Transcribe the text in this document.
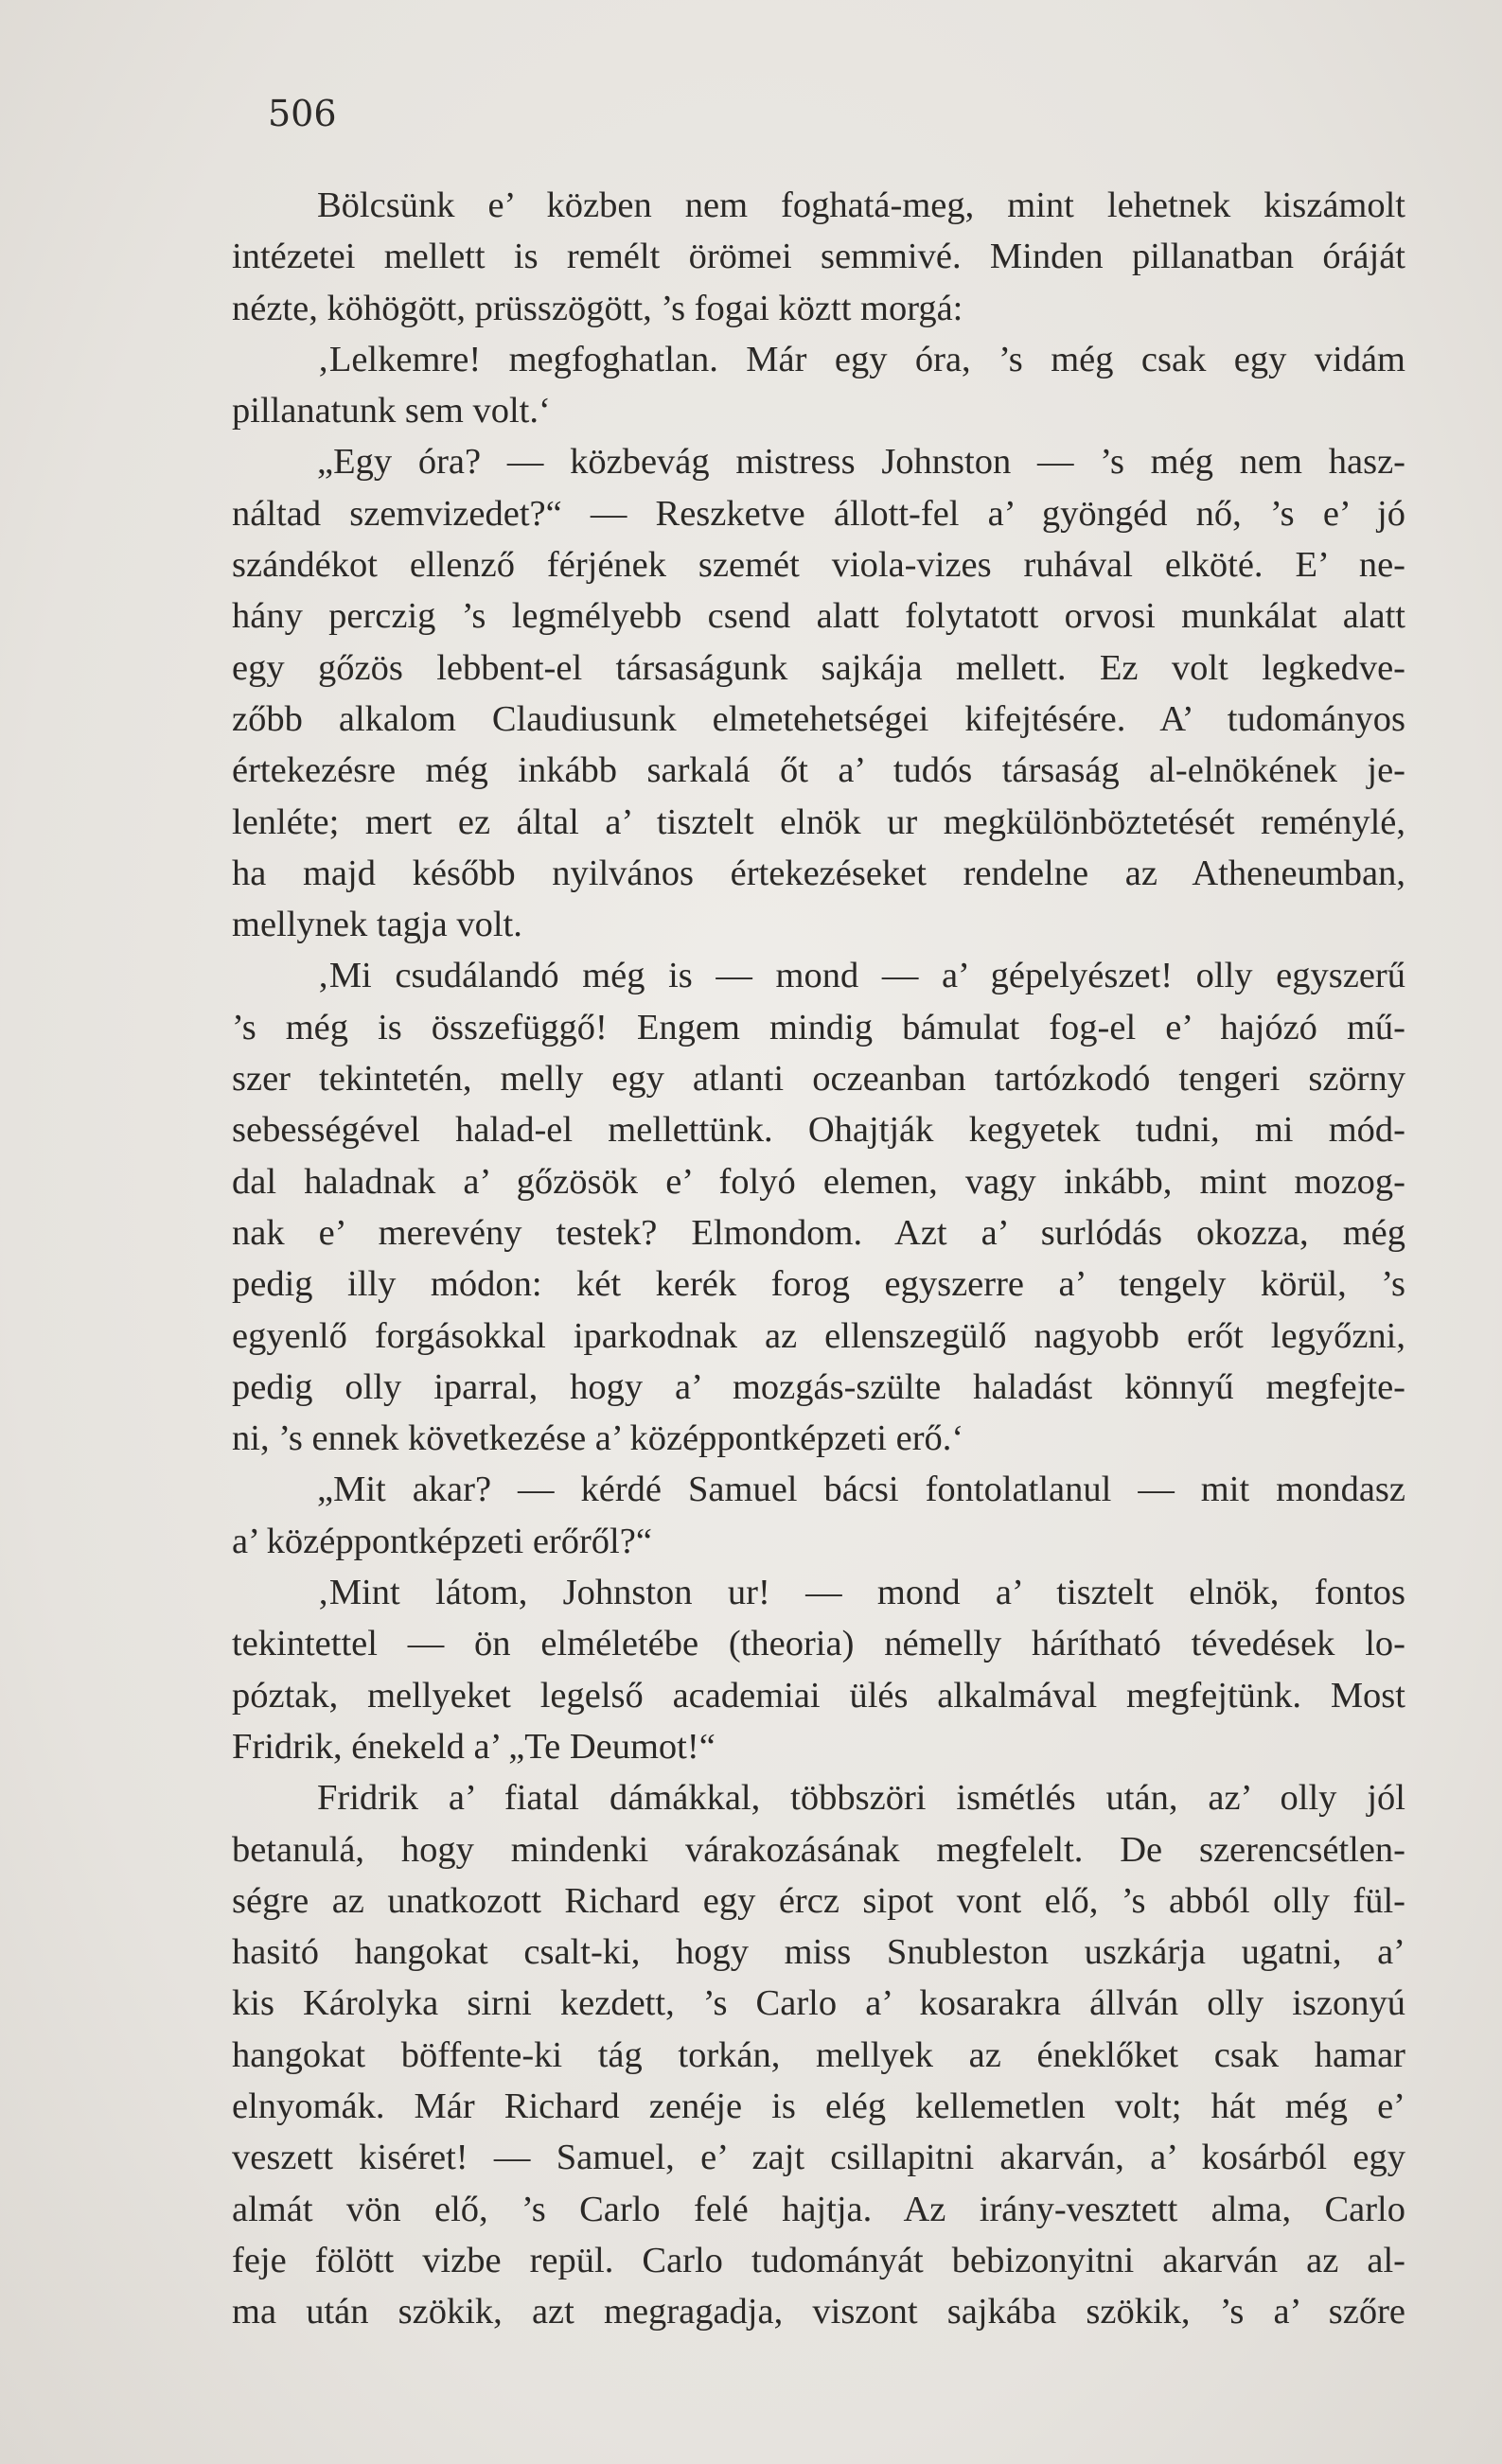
506
Bölcsünk e’ közben nem foghatá-meg, mint lehetnek kiszámolt
intézetei mellett is remélt örömei semmivé. Minden pillanatban óráját
nézte, köhögött, prüsszögött, ’s fogai köztt morgá:
‚Lelkemre! megfoghatlan. Már egy óra, ’s még csak egy vidám
pillanatunk sem volt.‘
„Egy óra? — közbevág mistress Johnston — ’s még nem hasz-
náltad szemvizedet?“ — Reszketve állott-fel a’ gyöngéd nő, ’s e’ jó
szándékot ellenző férjének szemét viola-vizes ruhával elköté. E’ ne-
hány perczig ’s legmélyebb csend alatt folytatott orvosi munkálat alatt
egy gőzös lebbent-el társaságunk sajkája mellett. Ez volt legkedve-
zőbb alkalom Claudiusunk elmetehetségei kifejtésére. A’ tudományos
értekezésre még inkább sarkalá őt a’ tudós társaság al-elnökének je-
lenléte; mert ez által a’ tisztelt elnök ur megkülönböztetését reménylé,
ha majd később nyilvános értekezéseket rendelne az Atheneumban,
mellynek tagja volt.
‚Mi csudálandó még is — mond — a’ gépelyészet! olly egyszerű
’s még is összefüggő! Engem mindig bámulat fog-el e’ hajózó mű-
szer tekintetén, melly egy atlanti oczeanban tartózkodó tengeri szörny
sebességével halad-el mellettünk. Ohajtják kegyetek tudni, mi mód-
dal haladnak a’ gőzösök e’ folyó elemen, vagy inkább, mint mozog-
nak e’ merevény testek? Elmondom. Azt a’ surlódás okozza, még
pedig illy módon: két kerék forog egyszerre a’ tengely körül, ’s
egyenlő forgásokkal iparkodnak az ellenszegülő nagyobb erőt legyőzni,
pedig olly iparral, hogy a’ mozgás-szülte haladást könnyű megfejte-
ni, ’s ennek következése a’ középpontképzeti erő.‘
„Mit akar? — kérdé Samuel bácsi fontolatlanul — mit mondasz
a’ középpontképzeti erőről?“
‚Mint látom, Johnston ur! — mond a’ tisztelt elnök, fontos
tekintettel — ön elméletébe (theoria) némelly hárítható tévedések lo-
póztak, mellyeket legelső academiai ülés alkalmával megfejtünk. Most
Fridrik, énekeld a’ „Te Deumot!“
Fridrik a’ fiatal dámákkal, többszöri ismétlés után, az’ olly jól
betanulá, hogy mindenki várakozásának megfelelt. De szerencsétlen-
ségre az unatkozott Richard egy ércz sipot vont elő, ’s abból olly fül-
hasitó hangokat csalt-ki, hogy miss Snubleston uszkárja ugatni, a’
kis Károlyka sirni kezdett, ’s Carlo a’ kosarakra állván olly iszonyú
hangokat böffente-ki tág torkán, mellyek az éneklőket csak hamar
elnyomák. Már Richard zenéje is elég kellemetlen volt; hát még e’
veszett kiséret! — Samuel, e’ zajt csillapitni akarván, a’ kosárból egy
almát vön elő, ’s Carlo felé hajtja. Az irány-vesztett alma, Carlo
feje fölött vizbe repül. Carlo tudományát bebizonyitni akarván az al-
ma után szökik, azt megragadja, viszont sajkába szökik, ’s a’ szőre
